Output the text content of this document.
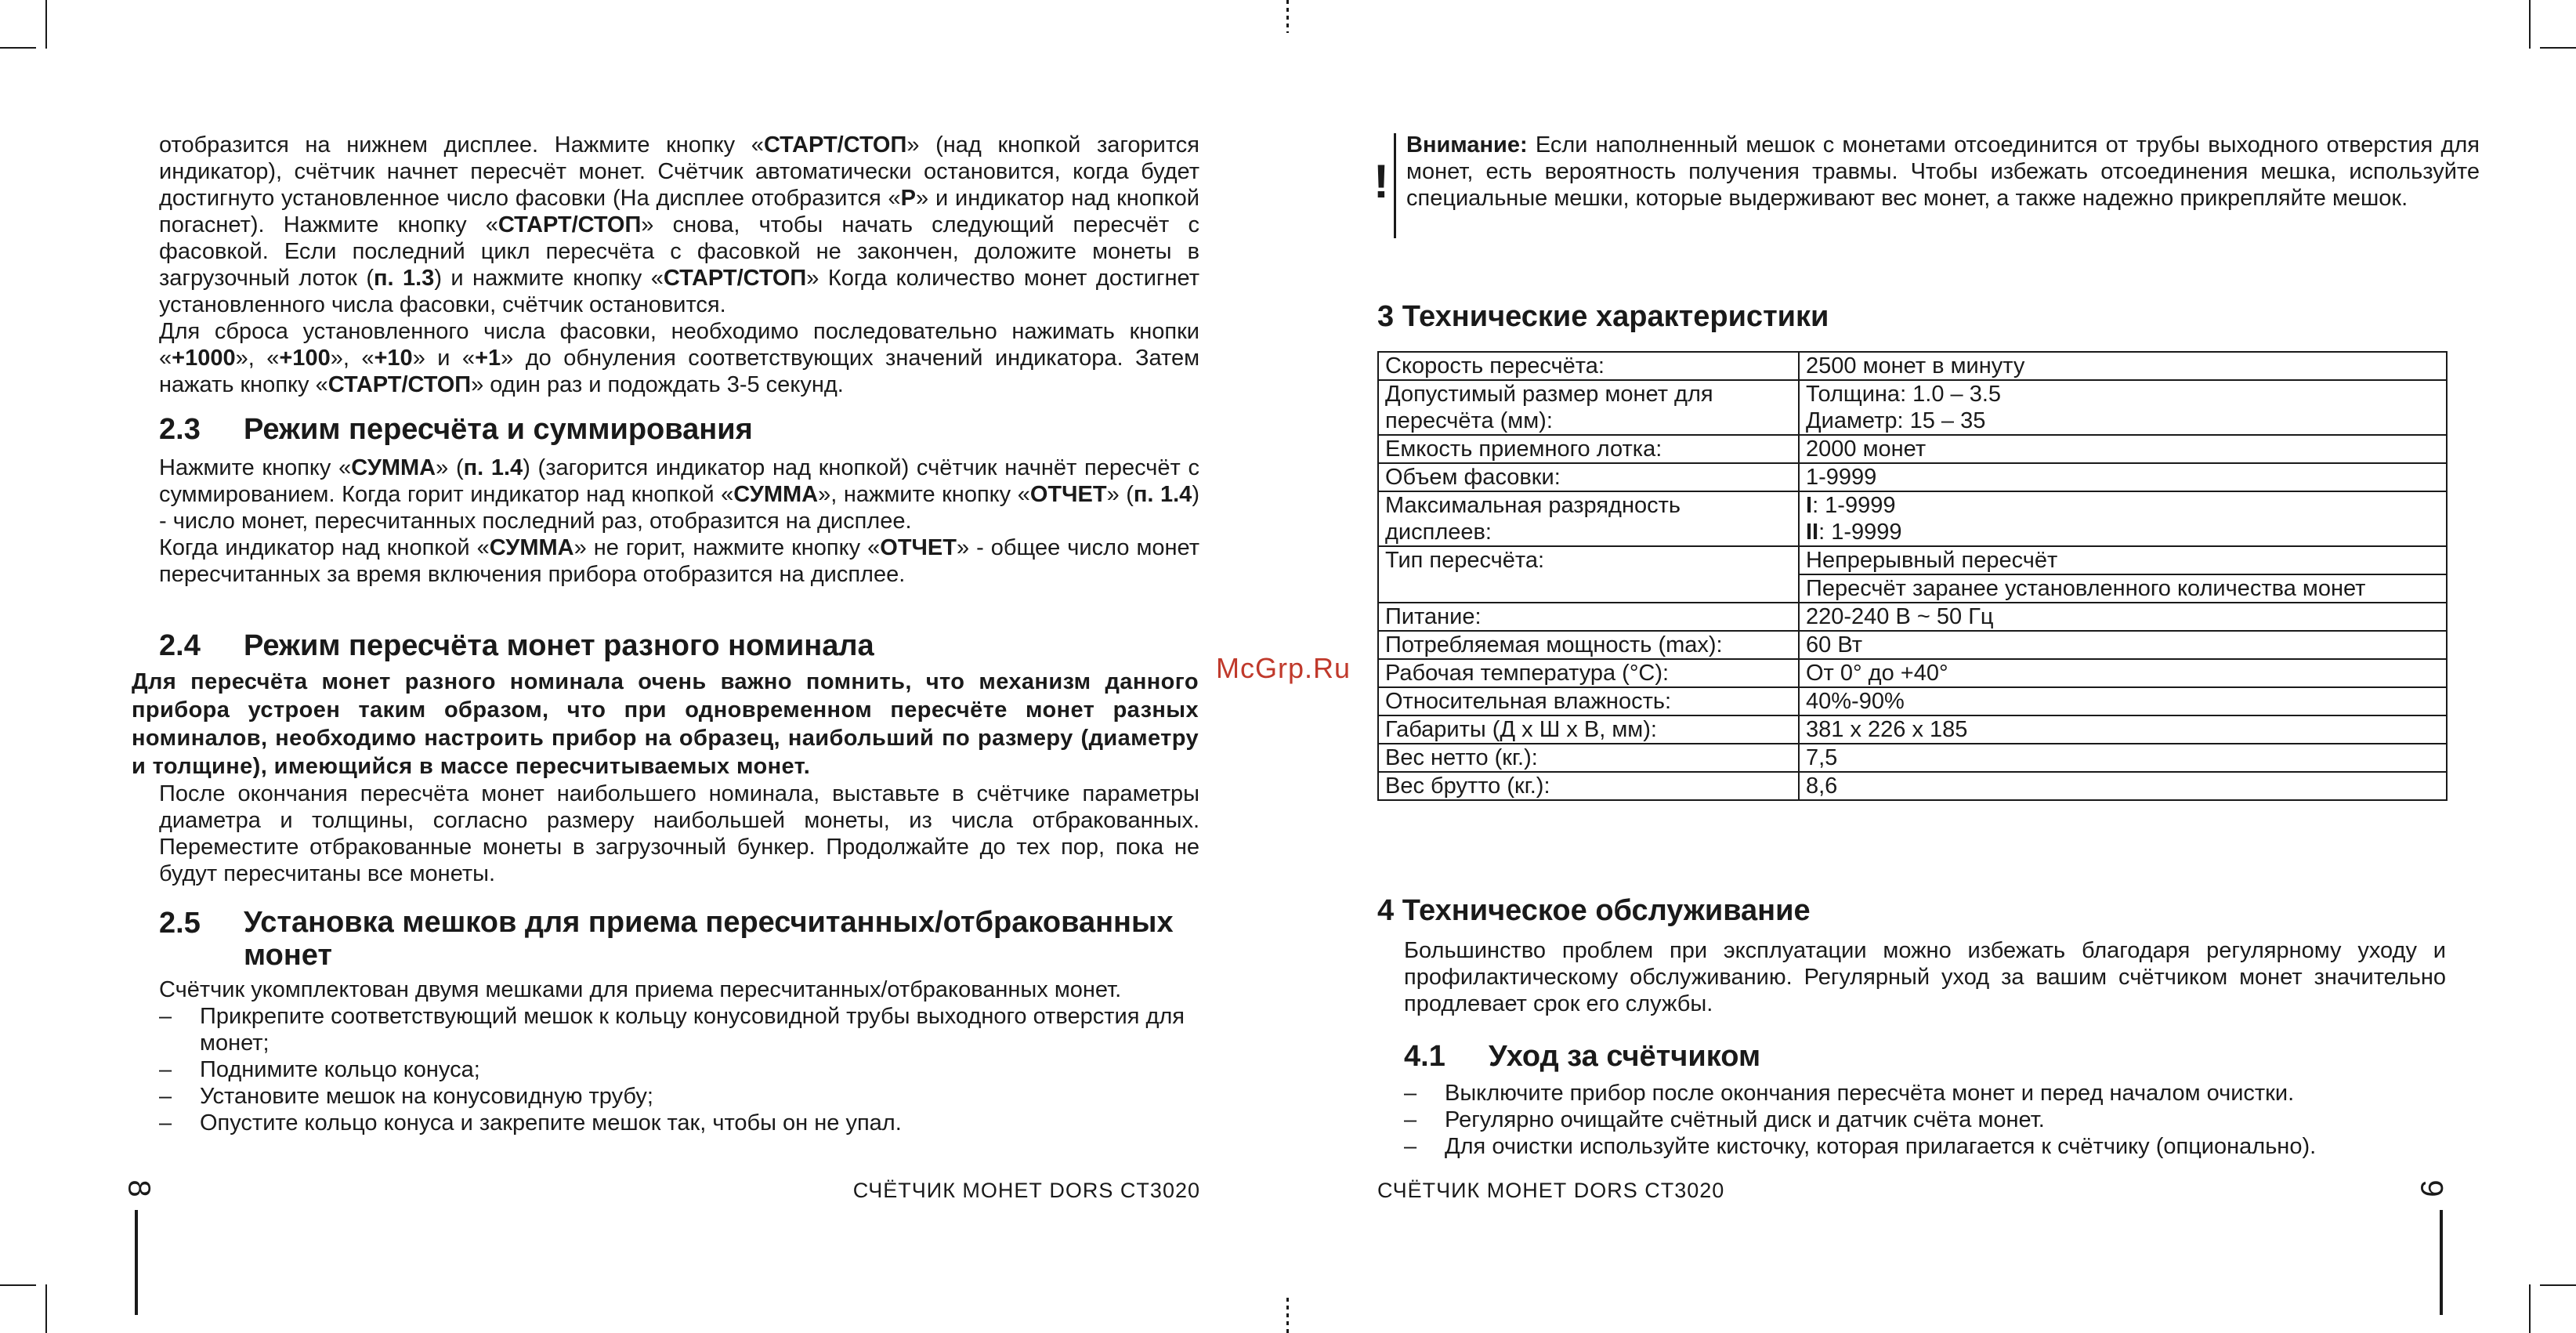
отобразится на нижнем дисплее. Нажмите кнопку «СТАРТ/СТОП» (над кнопкой загорится индикатор), счётчик начнет пересчёт монет. Счётчик автоматически остановится, когда будет достигнуто установленное число фасовки (На дисплее отобразится «P» и индикатор над кнопкой погаснет). Нажмите кнопку «СТАРТ/СТОП» снова, чтобы начать следующий пересчёт с фасовкой. Если последний цикл пересчёта с фасовкой не закончен, доложите монеты в загрузочный лоток (п. 1.3) и нажмите кнопку «СТАРТ/СТОП» Когда количество монет достигнет установленного числа фасовки, счётчик остановится.

Для сброса установленного числа фасовки, необходимо последовательно нажимать кнопки «+1000», «+100», «+10» и «+1» до обнуления соответствующих значений индикатора. Затем нажать кнопку «СТАРТ/СТОП» один раз и подождать 3-5 секунд.

2.3 Режим пересчёта и суммирования

Нажмите кнопку «СУММА» (п. 1.4) (загорится индикатор над кнопкой) счётчик начнёт пересчёт с суммированием. Когда горит индикатор над кнопкой «СУММА», нажмите кнопку «ОТЧЕТ» (п. 1.4) - число монет, пересчитанных последний раз, отобразится на дисплее.

Когда индикатор над кнопкой «СУММА» не горит, нажмите кнопку «ОТЧЕТ» - общее число монет пересчитанных за время включения прибора отобразится на дисплее.

2.4 Режим пересчёта монет разного номинала

Для пересчёта монет разного номинала очень важно помнить, что механизм данного прибора устроен таким образом, что при одновременном пересчёте монет разных номиналов, необходимо настроить прибор на образец, наибольший по размеру (диаметру и толщине), имеющийся в массе пересчитываемых монет.

После окончания пересчёта монет наибольшего номинала, выставьте в счётчике параметры диаметра и толщины, согласно размеру наибольшей монеты, из числа отбракованных. Переместите отбракованные монеты в загрузочный бункер. Продолжайте до тех пор, пока не будут пересчитаны все монеты.

2.5	Установка мешков для приема пересчитанных/отбракованных монет

Счётчик укомплектован двумя мешками для приема пересчитанных/отбракованных монет.

– Прикрепите соответствующий мешок к кольцу конусовидной трубы выходного отверстия для монет;
– Поднимите кольцо конуса;
– Установите мешок на конусовидную трубу;
– Опустите кольцо конуса и закрепите мешок так, чтобы он не упал.
8	СЧЁТЧИК МОНЕТ DORS CT3020
McGrp.Ru
!

Внимание: Если наполненный мешок с монетами отсоединится от трубы выходного отверстия для монет, есть вероятность получения травмы. Чтобы избежать отсоединения мешка, используйте специальные мешки, которые выдерживают вес монет, а также надежно прикрепляйте мешок.

3 Технические характеристики
Скорость пересчёта:	2500 монет в минуту

Допустимый размер монет для пересчёта (мм):	Толщина: 1.0 – 3.5
Диаметр: 15 – 35

Емкость приемного лотка:	2000 монет

Объем фасовки:	1-9999

Максимальная разрядность дисплеев:	I: 1-9999
II: 1-9999

Тип пересчёта:	Непрерывный пересчёт
	Пересчёт заранее установленного количества монет
Питание:	220-240 В ~ 50 Гц

Потребляемая мощность (max):	60 Вт

Рабочая температура (°С):	От 0° до +40°

Относительная влажность:	40%-90%

Габариты (Д х Ш х В, мм):	381 х 226 х 185

Вес нетто (кг.):	7,5

Вес брутто (кг.):	8,6
4 Техническое обслуживание

Большинство проблем при эксплуатации можно избежать благодаря регулярному уходу и профилактическому обслуживанию. Регулярный уход за вашим счётчиком монет значительно продлевает срок его службы.

4.1 Уход за счётчиком
– Выключите прибор после окончания пересчёта монет и перед началом очистки.
– Регулярно очищайте счётный диск и датчик счёта монет.
– Для очистки используйте кисточку, которая прилагается к счётчику (опционально).
СЧЁТЧИК МОНЕТ DORS CT3020	9
